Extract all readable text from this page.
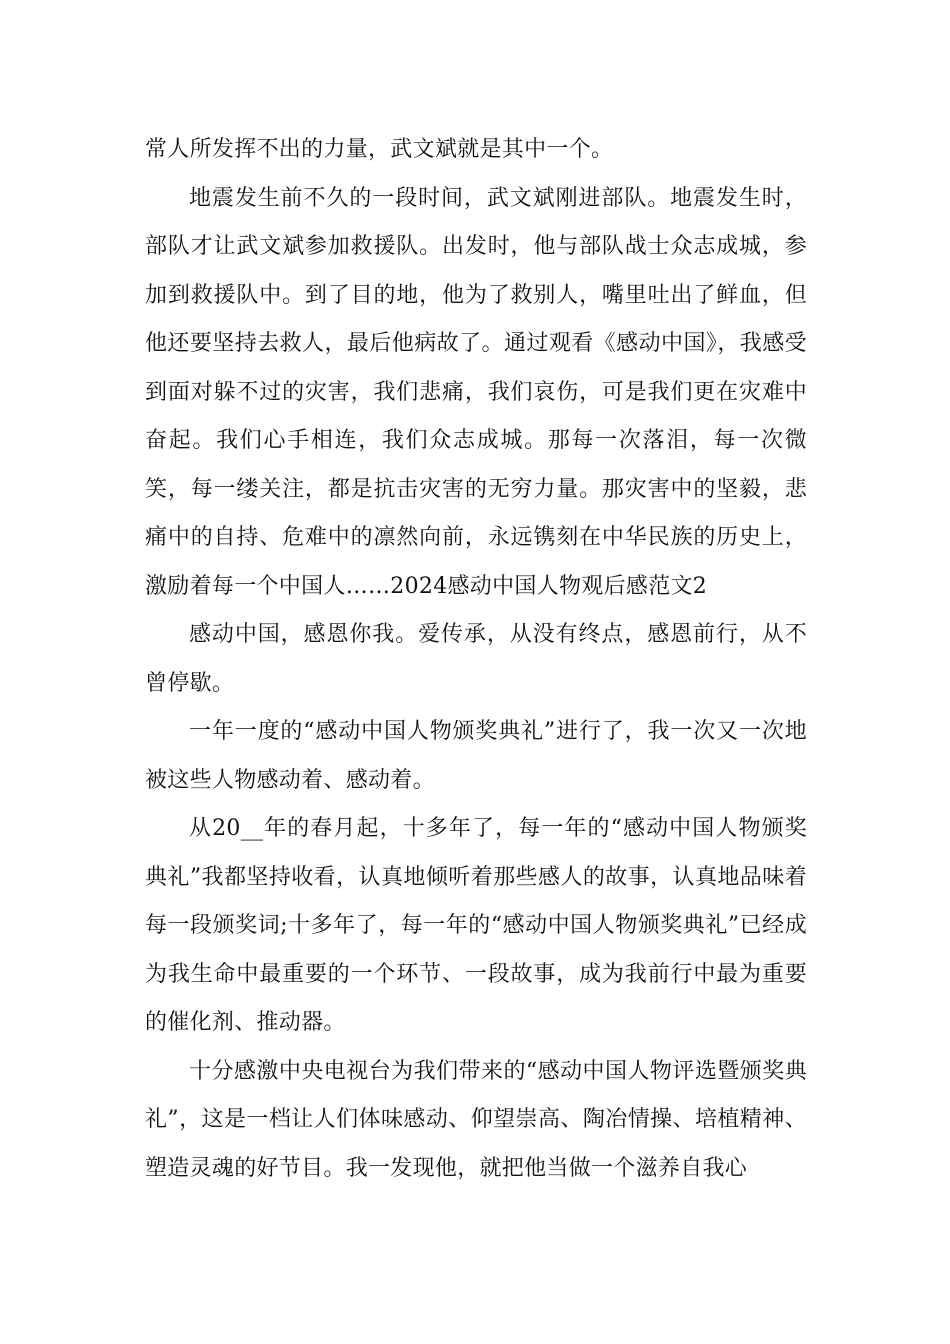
常人所发挥不出的力量，武文斌就是其中一个。

地震发生前不久的一段时间，武文斌刚进部队。地震发生时，部队才让武文斌参加救援队。出发时，他与部队战士众志成城，参加到救援队中。到了目的地，他为了救别人，嘴里吐出了鲜血，但他还要坚持去救人，最后他病故了。通过观看《感动中国》，我感受到面对躲不过的灾害，我们悲痛，我们哀伤，可是我们更在灾难中奋起。我们心手相连，我们众志成城。那每一次落泪，每一次微笑，每一缕关注，都是抗击灾害的无穷力量。那灾害中的坚毅，悲痛中的自持、危难中的凛然向前，永远镌刻在中华民族的历史上，激励着每一个中国人……2024感动中国人物观后感范文2

感动中国，感恩你我。爱传承，从没有终点，感恩前行，从不曾停歇。

一年一度的“感动中国人物颁奖典礼”进行了，我一次又一次地被这些人物感动着、感动着。

从20__年的春月起，十多年了，每一年的“感动中国人物颁奖典礼”我都坚持收看，认真地倾听着那些感人的故事，认真地品味着每一段颁奖词;十多年了，每一年的“感动中国人物颁奖典礼”已经成为我生命中最重要的一个环节、一段故事，成为我前行中最为重要的催化剂、推动器。

十分感激中央电视台为我们带来的“感动中国人物评选暨颁奖典礼”，这是一档让人们体味感动、仰望崇高、陶冶情操、培植精神、塑造灵魂的好节目。我一发现他，就把他当做一个滋养自我心
